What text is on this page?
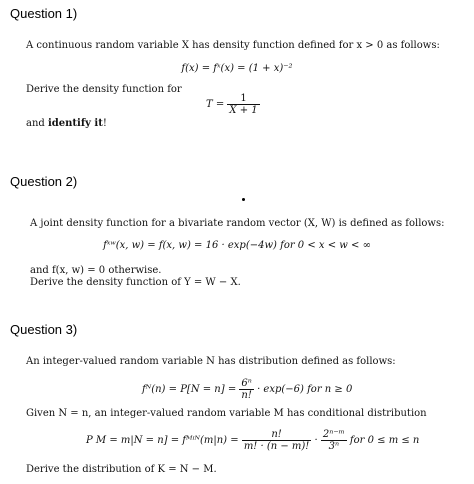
Question 1)
A continuous random variable X has density function defined for x > 0 as follows:
f(x) = fˣ(x) = (1 + x)⁻²
Derive the density function for
$T = \frac{1}{X + 1}$
and identify it!
Question 2)
A joint density function for a bivariate random vector (X, W) is defined as follows:
fˣʷ(x, w) = f(x, w) = 16 · exp(−4w) for 0 < x < w < ∞
and f(x, w) = 0 otherwise.
Derive the density function of Y = W − X.
Question 3)
An integer-valued random variable N has distribution defined as follows:
fᴺ(n) = $P[N = n] = \frac{\text{6ⁿ}}{n!} \cdot \exp(-6)$ for n ≥ 0
Given N = n, an integer-valued random variable M has conditional distribution
P M = m|N = n] = fᴹᶦᴺ(m|n) = $\frac{n!}{m! \cdot (n - m)!} \cdot \frac{\text{2ⁿ⁻ᵐ}}{\text{3ⁿ}}$ for 0 ≤ m ≤ n
Derive the distribution of K = N − M.
